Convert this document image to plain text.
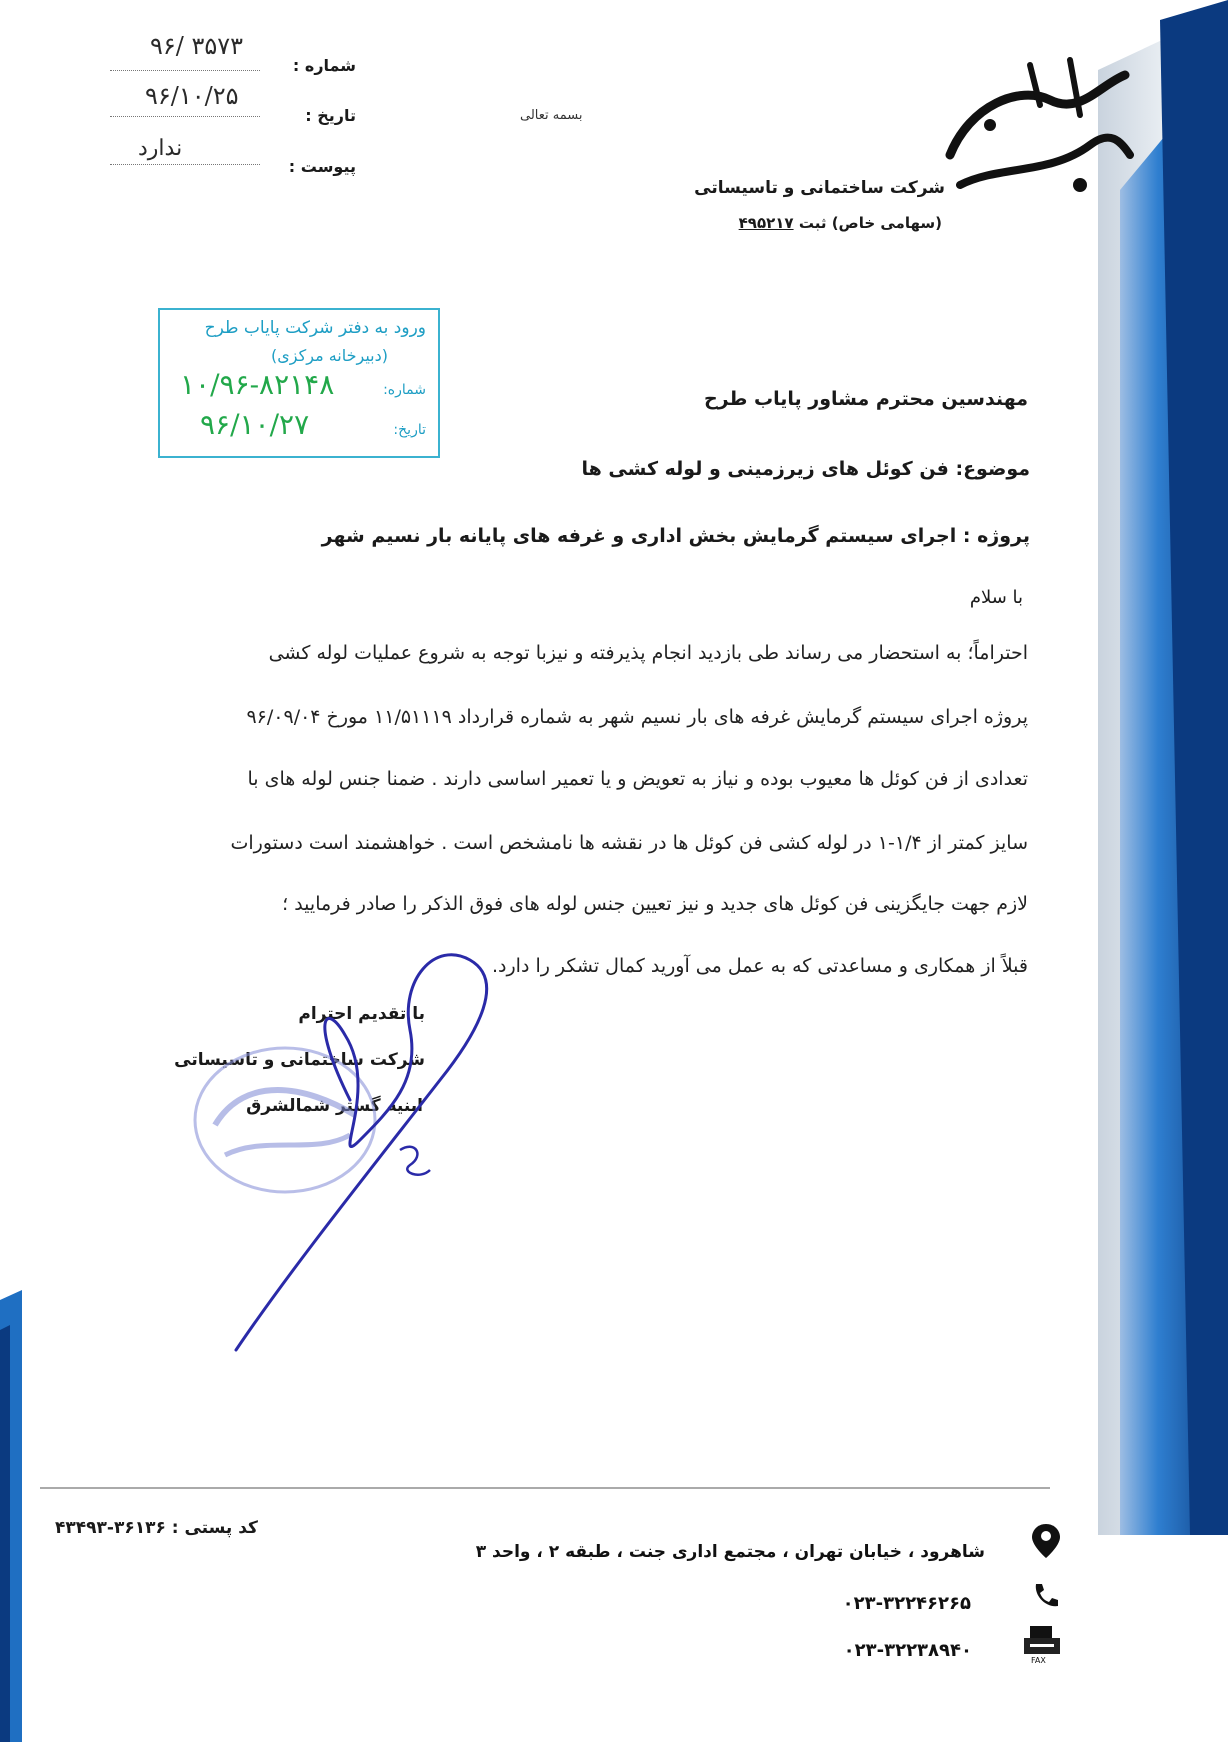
شرکت ساختمانی و تاسیساتی
(سهامی خاص) ثبت ۴۹۵۲۱۷
بسمه تعالی
شماره :
۹۶/ ۳۵۷۳
تاریخ :
۹۶/۱۰/۲۵
پیوست :
ندارد
ورود به دفتر شرکت پایاب طرح
(دبیرخانه مرکزی)
شماره:
۱۰/۹۶-۸۲۱۴۸
تاریخ:
۹۶/۱۰/۲۷
مهندسین محترم مشاور پایاب طرح
موضوع: فن کوئل های زیرزمینی و لوله کشی ها
پروژه : اجرای سیستم گرمایش بخش اداری و غرفه های پایانه بار نسیم شهر
با سلام
احتراماً؛ به استحضار می رساند طی بازدید انجام پذیرفته و نیزبا توجه به شروع عملیات لوله کشی
پروژه اجرای سیستم گرمایش غرفه های بار نسیم شهر به شماره قرارداد ۱۱/۵۱۱۱۹ مورخ ۹۶/۰۹/۰۴
تعدادی از فن کوئل ها معیوب بوده و نیاز به تعویض و یا تعمیر اساسی دارند . ضمنا جنس لوله های با
سایز کمتر از ۱/۴-۱ در لوله کشی فن کوئل ها در نقشه ها نامشخص است . خواهشمند است دستورات
لازم جهت جایگزینی فن کوئل های جدید و نیز تعیین جنس لوله های فوق الذکر را صادر فرمایید ؛
قبلاً از همکاری و مساعدتی که به عمل می آورید کمال تشکر را دارد.
با تقدیم احترام
شرکت ساختمانی و تاسیساتی
ابنیه گستر شمالشرق
شاهرود ، خیابان تهران ، مجتمع اداری جنت ، طبقه ۲ ، واحد ۳
۰۲۳-۳۲۲۴۶۲۶۵
۰۲۳-۳۲۲۳۸۹۴۰
کد پستی : ۳۶۱۳۶-۴۳۴۹۳
FAX
